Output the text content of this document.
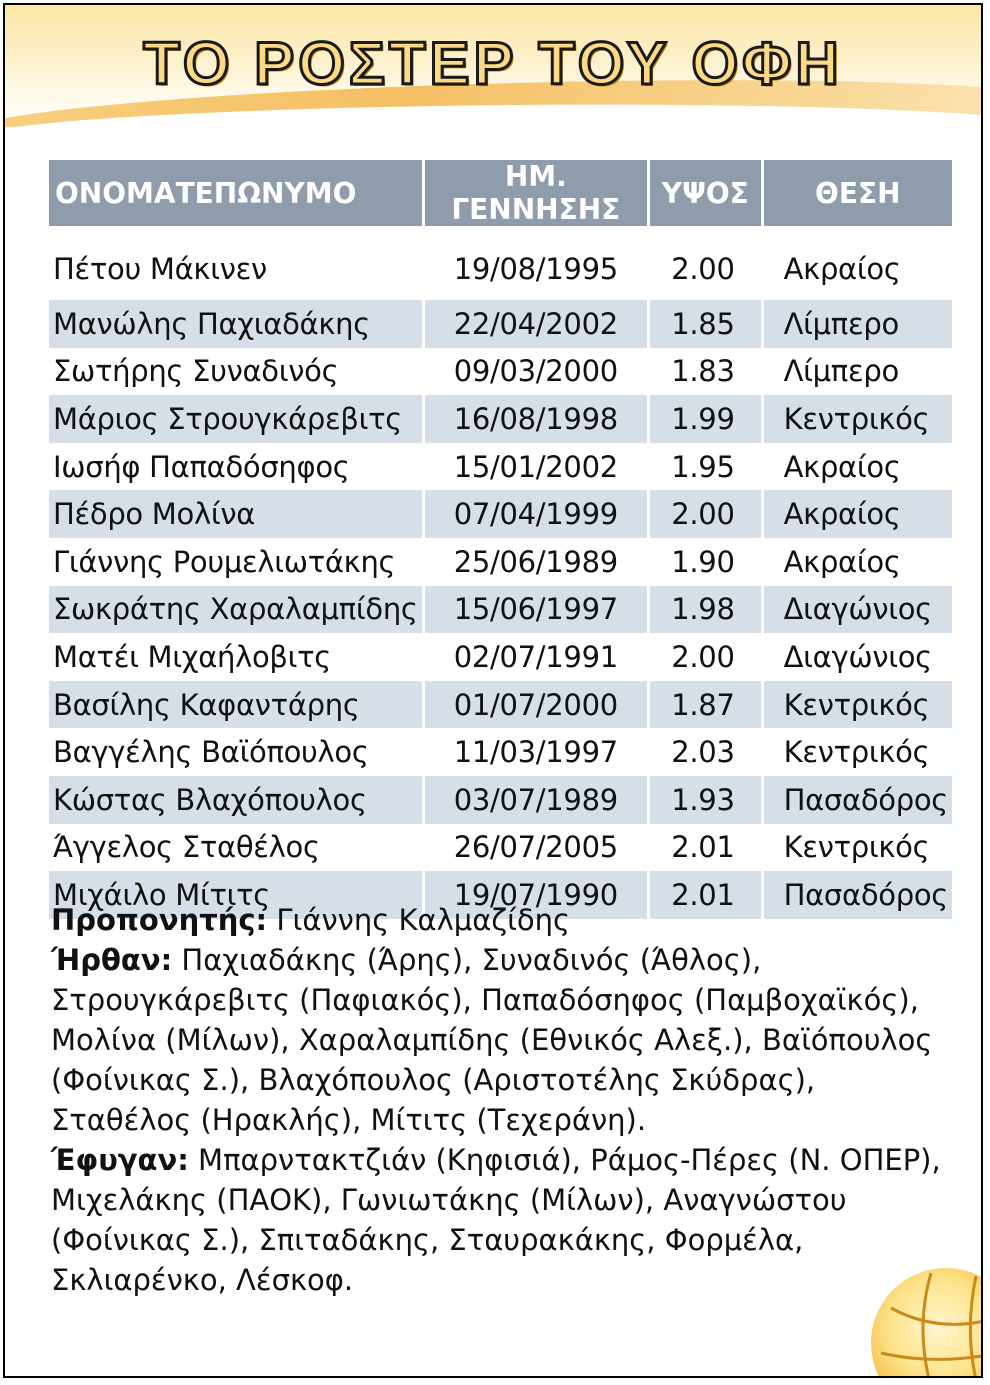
ΤΟ ΡΟΣΤΕΡ ΤΟΥ ΟΦΗ
ΟΝΟΜΑΤΕΠΩΝΥΜΟ	ΗΜ. ΓΕΝΝΗΣΗΣ	ΥΨΟΣ	ΘΕΣΗ
Πέτου Μάκινεν	19/08/1995	2.00	Ακραίος
Μανώλης Παχιαδάκης	22/04/2002	1.85	Λίμπερο
Σωτήρης Συναδινός	09/03/2000	1.83	Λίμπερο
Μάριος Στρουγκάρεβιτς	16/08/1998	1.99	Κεντρικός
Ιωσήφ Παπαδόσηφος	15/01/2002	1.95	Ακραίος
Πέδρο Μολίνα	07/04/1999	2.00	Ακραίος
Γιάννης Ρουμελιωτάκης	25/06/1989	1.90	Ακραίος
Σωκράτης Χαραλαμπίδης	15/06/1997	1.98	Διαγώνιος
Ματέι Μιχαήλοβιτς	02/07/1991	2.00	Διαγώνιος
Βασίλης Καφαντάρης	01/07/2000	1.87	Κεντρικός
Βαγγέλης Βαϊόπουλος	11/03/1997	2.03	Κεντρικός
Κώστας Βλαχόπουλος	03/07/1989	1.93	Πασαδόρος
Άγγελος Σταθέλος	26/07/2005	2.01	Κεντρικός
Μιχάιλο Μίτιτς	19/07/1990	2.01	Πασαδόρος
Προπονητής: Γιάννης Καλμαζίδης
Ήρθαν: Παχιαδάκης (Άρης), Συναδινός (Άθλος), Στρουγκάρεβιτς (Παφιακός), Παπαδόσηφος (Παμβοχαϊκός), Μολίνα (Μίλων), Χαραλαμπίδης (Εθνικός Αλεξ.), Βαϊόπουλος (Φοίνικας Σ.), Βλαχόπουλος (Αριστοτέλης Σκύδρας), Σταθέλος (Ηρακλής), Μίτιτς (Τεχεράνη).
Έφυγαν: Μπαρντακτζιάν (Κηφισιά), Ράμος-Πέρες (Ν. ΟΠΕΡ), Μιχελάκης (ΠΑΟΚ), Γωνιωτάκης (Μίλων), Αναγνώστου (Φοίνικας Σ.), Σπιταδάκης, Σταυρακάκης, Φορμέλα, Σκλιαρένκο, Λέσκοφ.
